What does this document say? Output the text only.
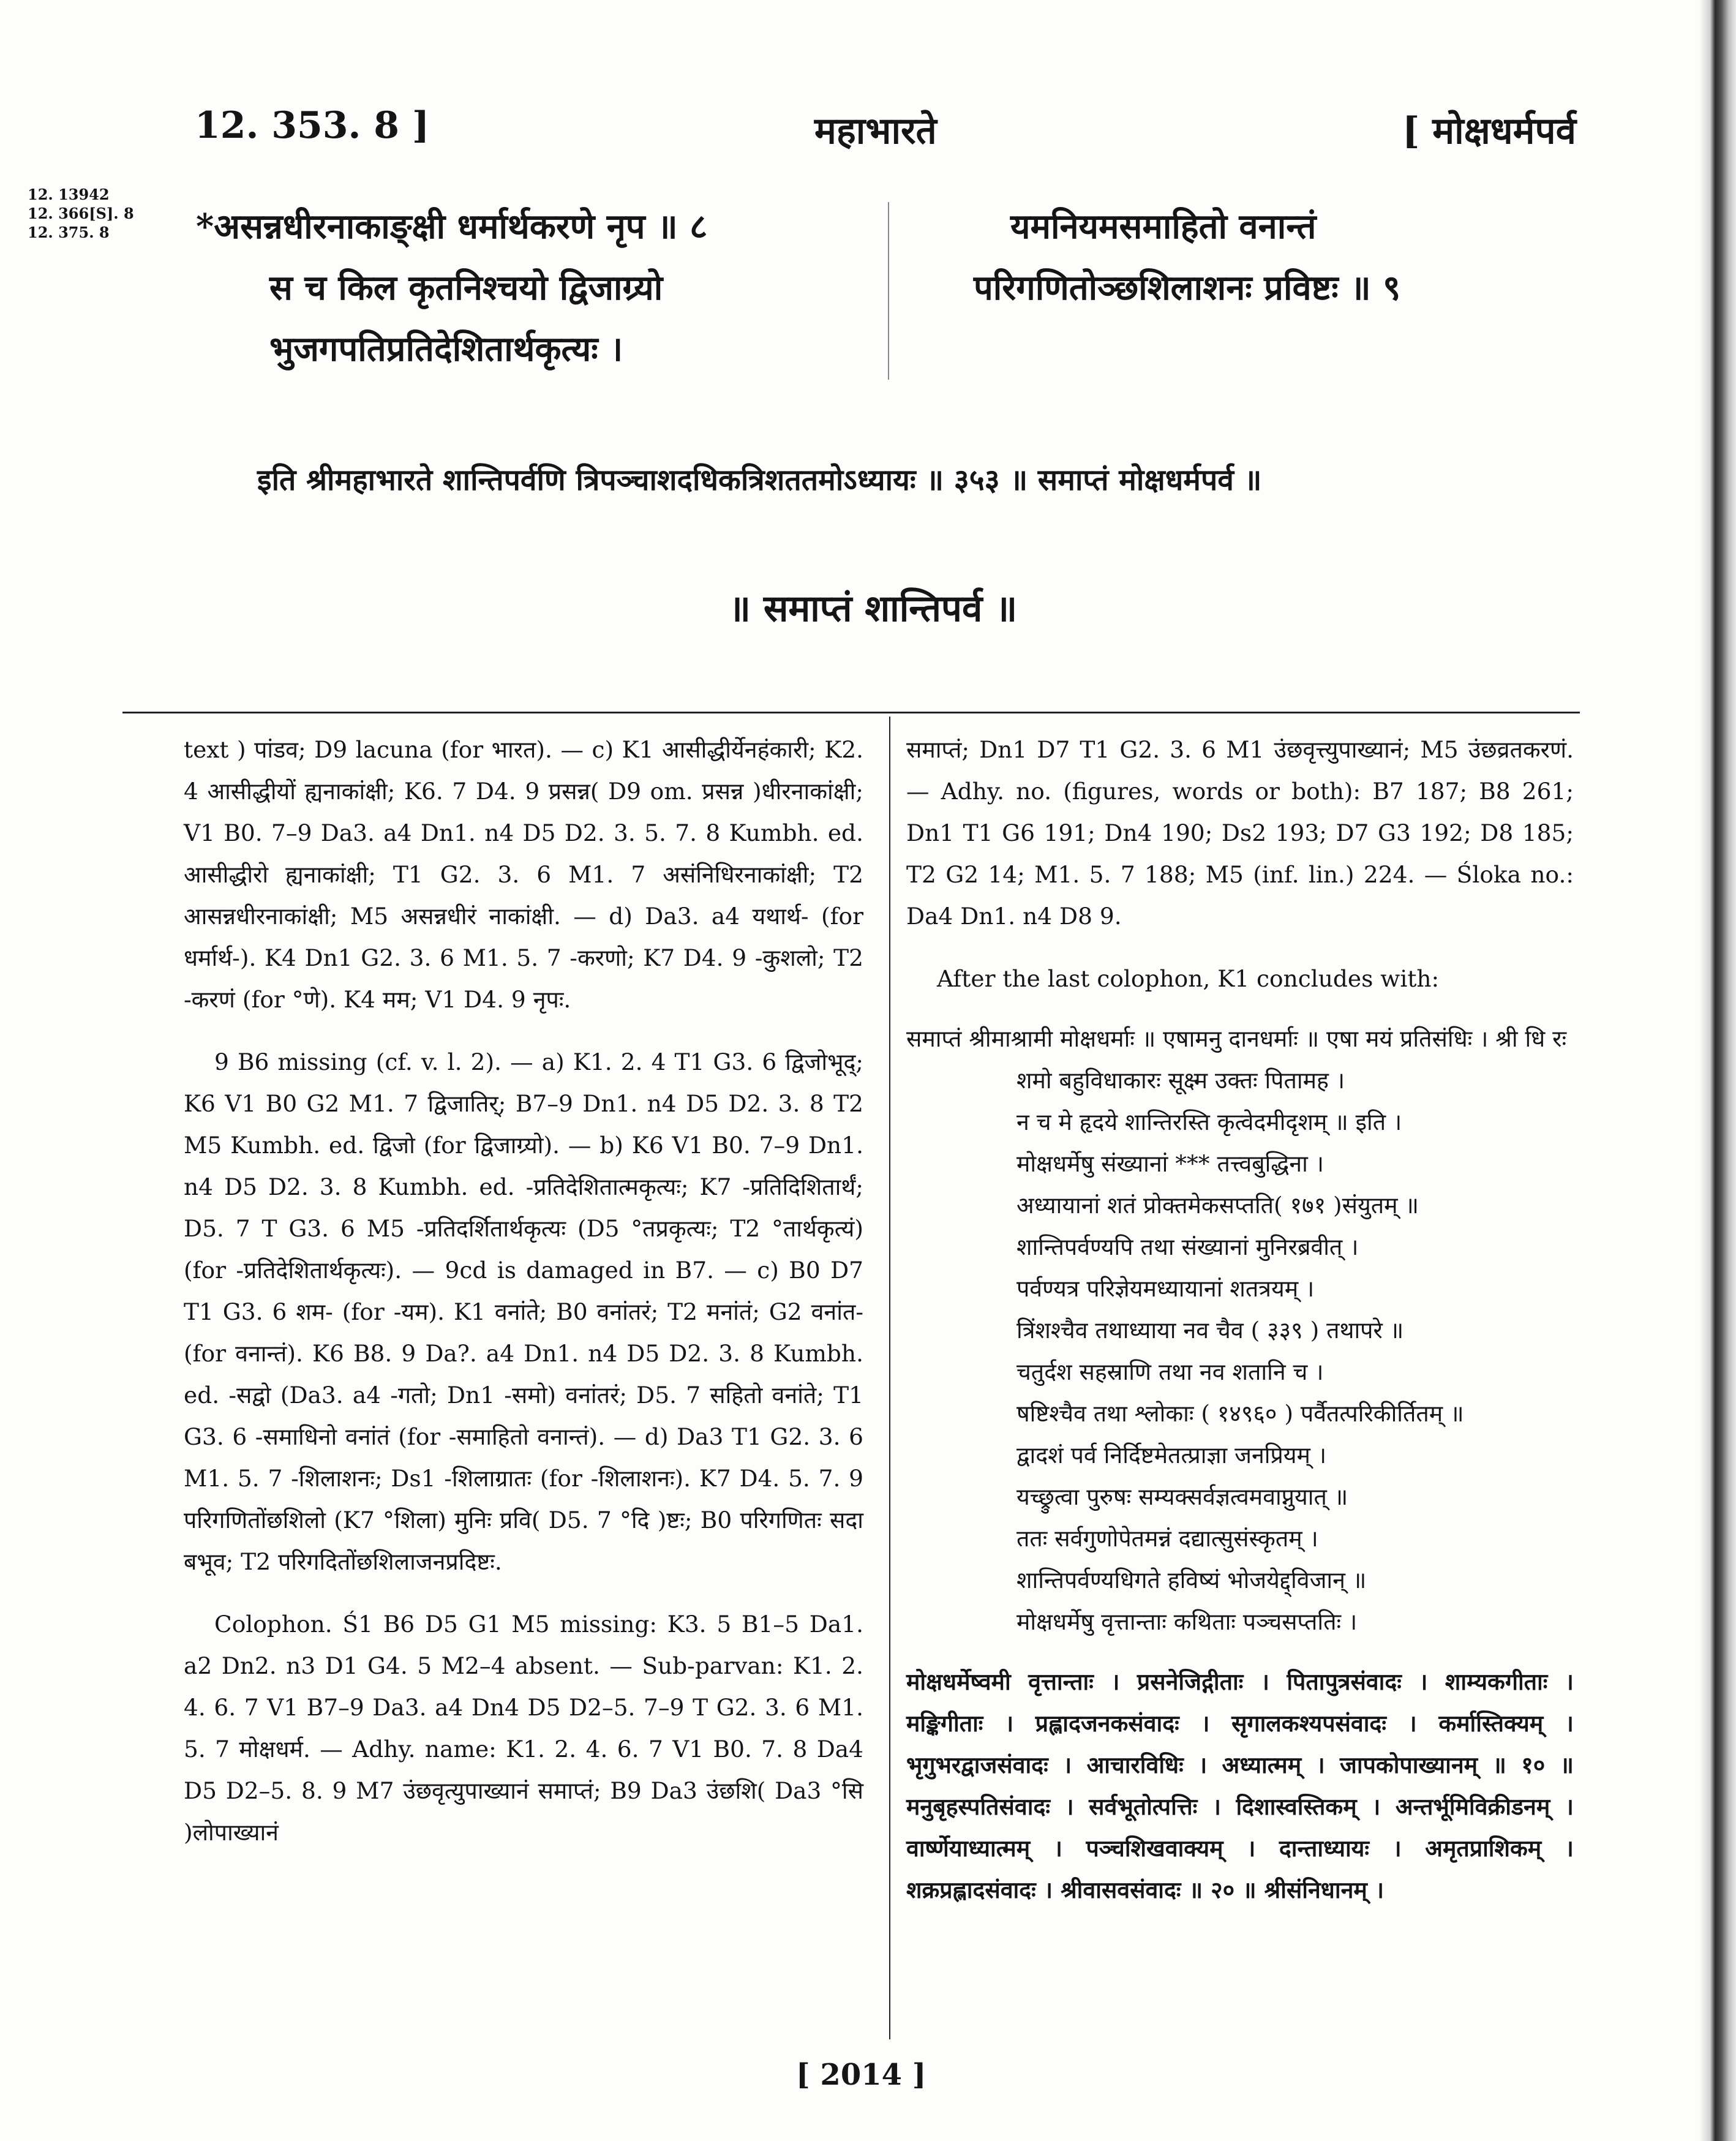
12. 353. 8 ]	महाभारते	[ मोक्षधर्मपर्व
12. 13942
12. 366[S]. 8
12. 375. 8	*असन्नधीरनाकाङ्क्षी धर्मार्थकरणे नृप ॥ ८
स च किल कृतनिश्चयो द्विजाग्र्यो
भुजगपतिप्रतिदेशितार्थकृत्यः ।
यमनियमसमाहितो वनान्तं
परिगणितोञ्छशिलाशनः प्रविष्टः ॥ ९
इति श्रीमहाभारते शान्तिपर्वणि त्रिपञ्चाशदधिकत्रिशततमोऽध्यायः ॥ ३५३ ॥ समाप्तं मोक्षधर्मपर्व ॥
॥ समाप्तं शान्तिपर्व ॥

text ) पांडव; D9 lacuna (for भारत). — c) K1 आसीद्धीर्येनहंकारी; K2. 4 आसीद्धीयों ह्यनाकांक्षी; K6. 7 D4. 9 प्रसन्न( D9 om. प्रसन्न )धीरनाकांक्षी; V1 B0. 7–9 Da3. a4 Dn1. n4 D5 D2. 3. 5. 7. 8 Kumbh. ed. आसीद्धीरो ह्यनाकांक्षी; T1 G2. 3. 6 M1. 7 असंनिधिरनाकांक्षी; T2 आसन्नधीरनाकांक्षी; M5 असन्नधीरं नाकांक्षी. — d) Da3. a4 यथार्थ- (for धर्मार्थ-). K4 Dn1 G2. 3. 6 M1. 5. 7 -करणो; K7 D4. 9 -कुशलो; T2 -करणं (for °णे). K4 मम; V1 D4. 9 नृपः.

9 B6 missing (cf. v. l. 2). — a) K1. 2. 4 T1 G3. 6 द्विजोभूद्; K6 V1 B0 G2 M1. 7 द्विजातिर्; B7–9 Dn1. n4 D5 D2. 3. 8 T2 M5 Kumbh. ed. द्विजो (for द्विजाग्र्यो). — b) K6 V1 B0. 7–9 Dn1. n4 D5 D2. 3. 8 Kumbh. ed. -प्रतिदेशितात्मकृत्यः; K7 -प्रतिदिशितार्थं; D5. 7 T G3. 6 M5 -प्रतिदर्शितार्थकृत्यः (D5 °तप्रकृत्यः; T2 °तार्थकृत्यं) (for -प्रतिदेशितार्थकृत्यः). — 9cd is damaged in B7. — c) B0 D7 T1 G3. 6 शम- (for -यम). K1 वनांते; B0 वनांतरं; T2 मनांतं; G2 वनांत- (for वनान्तं). K6 B8. 9 Da?. a4 Dn1. n4 D5 D2. 3. 8 Kumbh. ed. -सद्वो (Da3. a4 -गतो; Dn1 -समो) वनांतरं; D5. 7 सहितो वनांते; T1 G3. 6 -समाधिनो वनांतं (for -समाहितो वनान्तं). — d) Da3 T1 G2. 3. 6 M1. 5. 7 -शिलाशनः; Ds1 -शिलाग्रातः (for -शिलाशनः). K7 D4. 5. 7. 9 परिगणितोंछशिलो (K7 °शिला) मुनिः प्रवि( D5. 7 °दि )ष्टः; B0 परिगणितः सदा बभूव; T2 परिगदितोंछशिलाजनप्रदिष्टः.

Colophon. Ś1 B6 D5 G1 M5 missing: K3. 5 B1–5 Da1. a2 Dn2. n3 D1 G4. 5 M2–4 absent. — Sub-parvan: K1. 2. 4. 6. 7 V1 B7–9 Da3. a4 Dn4 D5 D2–5. 7–9 T G2. 3. 6 M1. 5. 7 मोक्षधर्म. — Adhy. name: K1. 2. 4. 6. 7 V1 B0. 7. 8 Da4 D5 D2–5. 8. 9 M7 उंछवृत्युपाख्यानं समाप्तं; B9 Da3 उंछशि( Da3 °सि )लोपाख्यानं

समाप्तं; Dn1 D7 T1 G2. 3. 6 M1 उंछवृत्त्युपाख्यानं; M5 उंछव्रतकरणं. — Adhy. no. (figures, words or both): B7 187; B8 261; Dn1 T1 G6 191; Dn4 190; Ds2 193; D7 G3 192; D8 185; T2 G2 14; M1. 5. 7 188; M5 (inf. lin.) 224. — Śloka no.: Da4 Dn1. n4 D8 9.

After the last colophon, K1 concludes with:

समाप्तं श्रीमाश्रामी मोक्षधर्माः ॥ एषामनु दानधर्माः ॥ एषा मयं प्रतिसंधिः । श्री धि रः

शमो बहुविधाकारः सूक्ष्म उक्तः पितामह ।
न च मे हृदये शान्तिरस्ति कृत्वेदमीदृशम् ॥ इति ।
मोक्षधर्मेषु संख्यानां *** तत्त्वबुद्धिना ।
अध्यायानां शतं प्रोक्तमेकसप्तति( १७१ )संयुतम् ॥
शान्तिपर्वण्यपि तथा संख्यानां मुनिरब्रवीत् ।
पर्वण्यत्र परिज्ञेयमध्यायानां शतत्रयम् ।
त्रिंशश्चैव तथाध्याया नव चैव ( ३३९ ) तथापरे ॥
चतुर्दश सहस्राणि तथा नव शतानि च ।
षष्टिश्चैव तथा श्लोकाः ( १४९६० ) पर्वैतत्परिकीर्तितम् ॥
द्वादशं पर्व निर्दिष्टमेतत्प्राज्ञा जनप्रियम् ।
यच्छ्रुत्वा पुरुषः सम्यक्सर्वज्ञत्वमवाप्नुयात् ॥
ततः सर्वगुणोपेतमन्नं दद्यात्सुसंस्कृतम् ।
शान्तिपर्वण्यधिगते हविष्यं भोजयेद्द्विजान् ॥
मोक्षधर्मेषु वृत्तान्ताः कथिताः पञ्चसप्ततिः ।

मोक्षधर्मेष्वमी वृत्तान्ताः । प्रसनेजिद्गीताः । पितापुत्रसंवादः । शाम्यकगीताः । मङ्किगीताः । प्रह्लादजनकसंवादः । सृगालकश्यपसंवादः । कर्मास्तिक्यम् । भृगुभरद्वाजसंवादः । आचारविधिः । अध्यात्मम् । जापकोपाख्यानम् ॥ १० ॥ मनुबृहस्पतिसंवादः । सर्वभूतोत्पत्तिः । दिशास्वस्तिकम् । अन्तर्भूमिविक्रीडनम् । वार्ष्णेयाध्यात्मम् । पञ्चशिखवाक्यम् । दान्ताध्यायः । अमृतप्राशिकम् । शक्रप्रह्लादसंवादः । श्रीवासवसंवादः ॥ २० ॥ श्रीसंनिधानम् ।

[ 2014 ]
